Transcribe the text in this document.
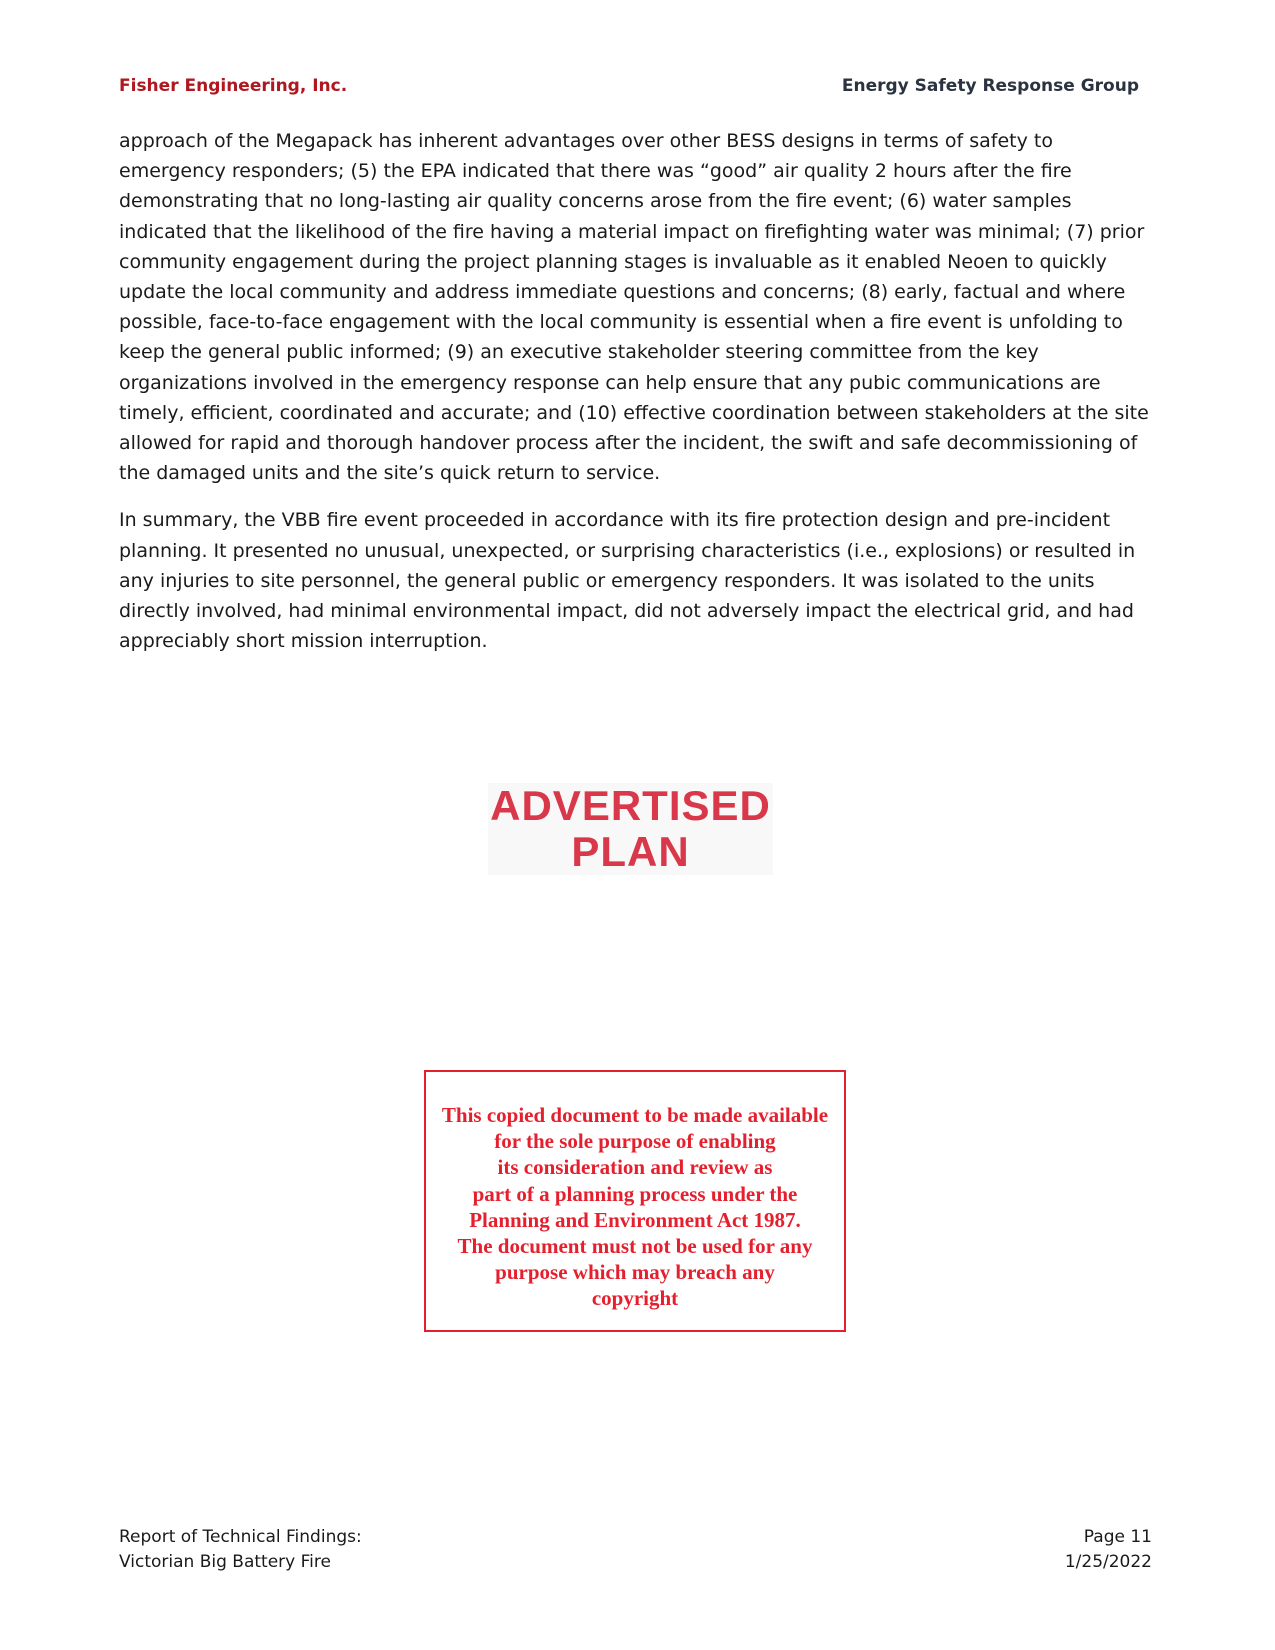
Fisher Engineering, Inc.	Energy Safety Response Group

approach of the Megapack has inherent advantages over other BESS designs in terms of safety to emergency responders; (5) the EPA indicated that there was “good” air quality 2 hours after the fire demonstrating that no long-lasting air quality concerns arose from the fire event; (6) water samples indicated that the likelihood of the fire having a material impact on firefighting water was minimal; (7) prior community engagement during the project planning stages is invaluable as it enabled Neoen to quickly update the local community and address immediate questions and concerns; (8) early, factual and where possible, face-to-face engagement with the local community is essential when a fire event is unfolding to keep the general public informed; (9) an executive stakeholder steering committee from the key organizations involved in the emergency response can help ensure that any pubic communications are timely, efficient, coordinated and accurate; and (10) effective coordination between stakeholders at the site allowed for rapid and thorough handover process after the incident, the swift and safe decommissioning of the damaged units and the site’s quick return to service.

In summary, the VBB fire event proceeded in accordance with its fire protection design and pre-incident planning. It presented no unusual, unexpected, or surprising characteristics (i.e., explosions) or resulted in any injuries to site personnel, the general public or emergency responders. It was isolated to the units directly involved, had minimal environmental impact, did not adversely impact the electrical grid, and had appreciably short mission interruption.

ADVERTISED
PLAN
This copied document to be made available
for the sole purpose of enabling
its consideration and review as
part of a planning process under the
Planning and Environment Act 1987.
The document must not be used for any
purpose which may breach any
copyright
Report of Technical Findings:
Victorian Big Battery Fire
Page 11
1/25/2022
